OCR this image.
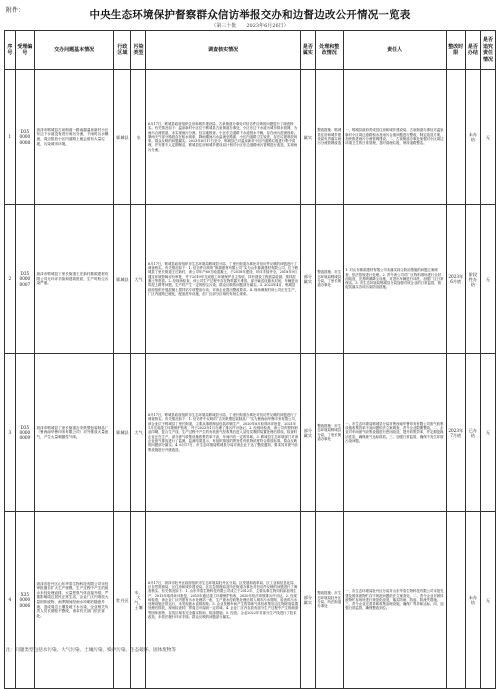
附件：	中央生态环境保护督察群众信访举报交办和边督边改公开情况一览表
（第三十批　　2023年6月26日）
序号	受理编号	交办问题基本情况	行政区域	污染类型	调查核实情况	是否属实	处理和整改情况	责任人	整改时限	是否办结	是否追究责任情况
1	D35 0000 0008	菏泽市郓城县古泉街道一路南端温泉新村小区东边下水道没有进行雨污分流，下雨时污水横流，周边排放小区内道路上就会留有大量垃圾，污染城市环境。	郓城县	水	6月17日，郓城县政府组织住房和城乡建设局、古泉街道办事处对信访件反映的问题进行了调查核实。有关情况如下：温泉新村小区位于郓城县古泉街道办事处，小区东边下水道为城市排水管网，为雨污合流管道，未实现雨污分流，经实地核查，小区东边道路下水道排水不畅，存在雨污混流现象。暴雨天气部分路段存在积水现象，降雨期间污水溢流至路面，小区内道路卫生较差，存在垃圾堆放现象。群众反映的问题属实。2023年6月17日至今，郓城县已对温泉新村小区内道路垃圾进行集中清理，并安排专人定期保洁，郓城县住房和城乡建设局计划对小区东边道路雨污管网进行改造，实现雨污分流。	属实	整改措施：郓城县住房和城乡建设局负责落实雨污分流管网改造	一、郓城县政府责成县住房和城乡建设局、古泉街道办事处对温泉新村小区周边道路积水及雨污合流问题进行整改，制定改造方案，加快推进雨污分流管网建设。二、古泉街道办事处加强对小区周边环境卫生的日常管理，及时清理垃圾，保持道路整洁。		未办结	无
2	D35 0000 0007	菏泽市郓城县丁里长街道王庄新村都源建材有限公司无环评手续和建筑资质，生产时粉尘污染严重。	郓城县	大气	6月17日，郓城县政府组织市生态环境局郓城县分局、丁里长街道办事处对信访件反映的问题进行了调查核实。有关情况如下：1. 信访件反映的“都源建材有限公司”实为山东都源建材有限公司，位于郓城县丁里长街道王庄新村，该公司年产60万吨混凝土，于2018年建设，环评手续齐全，2018年9月通过环境影响评价审批，并于2019年完成竣工环境保护自主验收，持有建设工程质量检测、预拌混凝土等资质。2. 经现场检查，该公司生产过程中存在物料露天堆放、部分输送设施未封闭、车辆进出带泥上路等问题，生产时产生一定的粉尘污染。群众反映的问题部分属实。3. 2023年4月，郓城县政府组织开展混凝土搅拌站专项整治行动，对该企业提出整改要求。4. 现场调查时该公司正在生产，厂区内道路已硬化，配备洗车设施，但厂区部分区域仍有扬尘现象。	部分属实	整改措施：市生态环境局郓城县分局、丁里长街道办事处	1. 对山东都源建材有限公司未落实扬尘防治措施的问题立案调查，依法依规进行处理。2. 责令该公司对厂区物料堆场进行全封闭改造，完善喷淋降尘设施，对进出车辆进行冲洗，加强厂区日常保洁。3. 市生态环境局郓城县分局加强对该企业的日常监管，督促其落实各项污染防治措施。	2023年6月底	阶段性办结	无
3	D35 0000 0009	菏泽市郓城县丁里长街道吉安纸塑包装制品厂（鲁西南华鲁印务有限公司）对外排放大量废气，产生大量刺激性气味。	郓城县	大气	6月17日，郓城县政府组织市生态环境局郓城县分局、丁里长街道办事处对信访件反映的问题进行了调查核实。有关情况如下：1. 信访件中反映的“吉安纸塑包装制品厂”实为鲁西南华鲁印务有限公司，该企业位于郓城县丁里长街道，主要从事纸制品包装印刷生产，2020年8月取得环评批复，2021年1月完成竣工环境保护验收，并于2023年1月办理了排污许可登记。2. 经现场检查，该公司有塑料制品印刷、复合生产线，生产过程中产生的有机废气经收集后进入活性炭吸附装置处理后排放。检查时企业正在生产，部分废气收集设施收集效率不高，车间内有一定的异味。3. 郓城县生态环境部门对该企业废气排放进行了监测，监测结果显示，有组织排放的挥发性有机物浓度符合排放标准。群众反映的问题部分属实。4. 6月17日，市生态环境局郓城县分局对该企业下达了整改通知，要求其对废气收集设施进行升级改造。	部分属实	整改措施：市生态环境局郓城县分局、丁里长街道办事处	一、市生态环境局郓城县分局对鲁西南华鲁印务有限公司废气收集设施收集效率不高问题依法立案调查，责令企业限期整改。二、企业对车间废气收集设施进行密闭改造，提升收集效率，并定期更换活性炭，确保废气达标排放。三、加强日常监管，确保不发生环境污染问题。	2023年7月底	已办结	无
4	X35 0000 0006	菏泽市牡丹区山东华泰生物科技有限公司未经审批擅自扩大生产规模，生产过程中产生的废水未经处理直排，大量恶臭气体直接外排，严重影响周边居民正常生活，企业厂区内堆放大量固体废物，雨季期间经雨水冲刷后随意外流，造成周边土壤及地下水污染，企业相关负责人员长期拒不整改，请求有关部门依法查处。	牡丹区	水、大气、土壤	6月17日，菏泽市牡丹区政府组织市生态环境局牡丹区分局、区发展和改革局、区工业和信息化局、区自然资源局、区住房和城乡建设局、区应急管理局及所在街道办事处对信访件反映的问题进行了调查核实。有关情况如下：1. 山东华泰生物科技有限公司成立于2012年，主要从事生物饲料添加剂生产，2013年取得环评批复，2015年通过竣工环境保护验收，2020年依法申领排污许可证。2. 经现场检查，该企业厂区内建有污水处理站一座，生产废水经收集处理后排入城市污水管网，检查时污水处理设施正常运行，未发现废水直排现象。3. 企业发酵车间产生的异味气体经收集后由生物除臭装置处理后排放，现场检查时厂界周边可闻到一定异味。4. 企业厂区内存放有部分生产过程中产生的菌渣等固体废物，存放区域未完全落实防雨、防渗措施。5. 经查，企业2022年对部分生产线进行了技术改造，未依法履行环评手续。群众反映的问题部分属实。	部分属实	整改措施：市生态环境局牡丹区分局、所在街道办事处	一、市生态环境局牡丹区分局对山东华泰生物科技有限公司未批先建及固体废物贮存不规范问题依法立案查处。二、责令企业对固体废物贮存场所进行规范化改造，落实防雨、防渗、防流失措施。三、责令企业完善异味收集治理设施，确保厂界异味达标。四、加强日常监管，确保整改到位。		未办结	无
注：问题类型包括水污染、大气污染、土壤污染、噪声污染、生态破坏、固体废物等
